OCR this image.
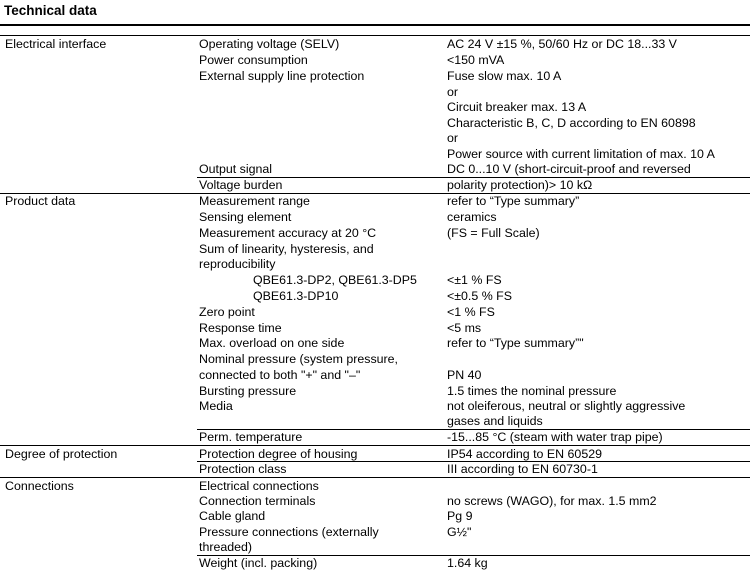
Technical data
Electrical interface	Operating voltage (SELV)	AC 24 V ±15 %, 50/60 Hz or DC 18...33 V
Power consumption	<150 mVA
External supply line protection	Fuse slow max. 10 A
or
Circuit breaker max. 13 A
Characteristic B, C, D according to EN 60898
or
Power source with current limitation of max. 10 A
Output signal	DC 0...10 V (short-circuit-proof and reversed
Voltage burden	polarity protection)> 10 kΩ
Product data	Measurement range	refer to “Type summary”
Sensing element	ceramics
Measurement accuracy at 20 °C	(FS = Full Scale)
Sum of linearity, hysteresis, and
reproducibility
QBE61.3-DP2, QBE61.3-DP5 <±1 % FS
QBE61.3-DP10	<±0.5 % FS
Zero point	<1 % FS
Response time	<5 ms
Max. overload on one side	refer to “Type summary”"
Nominal pressure (system pressure,
connected to both "+" and "–"	PN 40
Bursting pressure	1.5 times the nominal pressure
Media	not oleiferous, neutral or slightly aggressive
gases and liquids
Perm. temperature	-15...85 °C (steam with water trap pipe)
Degree of protection	Protection degree of housing	IP54 according to EN 60529
Protection class	III according to EN 60730-1
Connections	Electrical connections
Connection terminals	no screws (WAGO), for max. 1.5 mm2
Cable gland	Pg 9
Pressure connections (externally	G½"
threaded)
Weight (incl. packing)	1.64 kg
